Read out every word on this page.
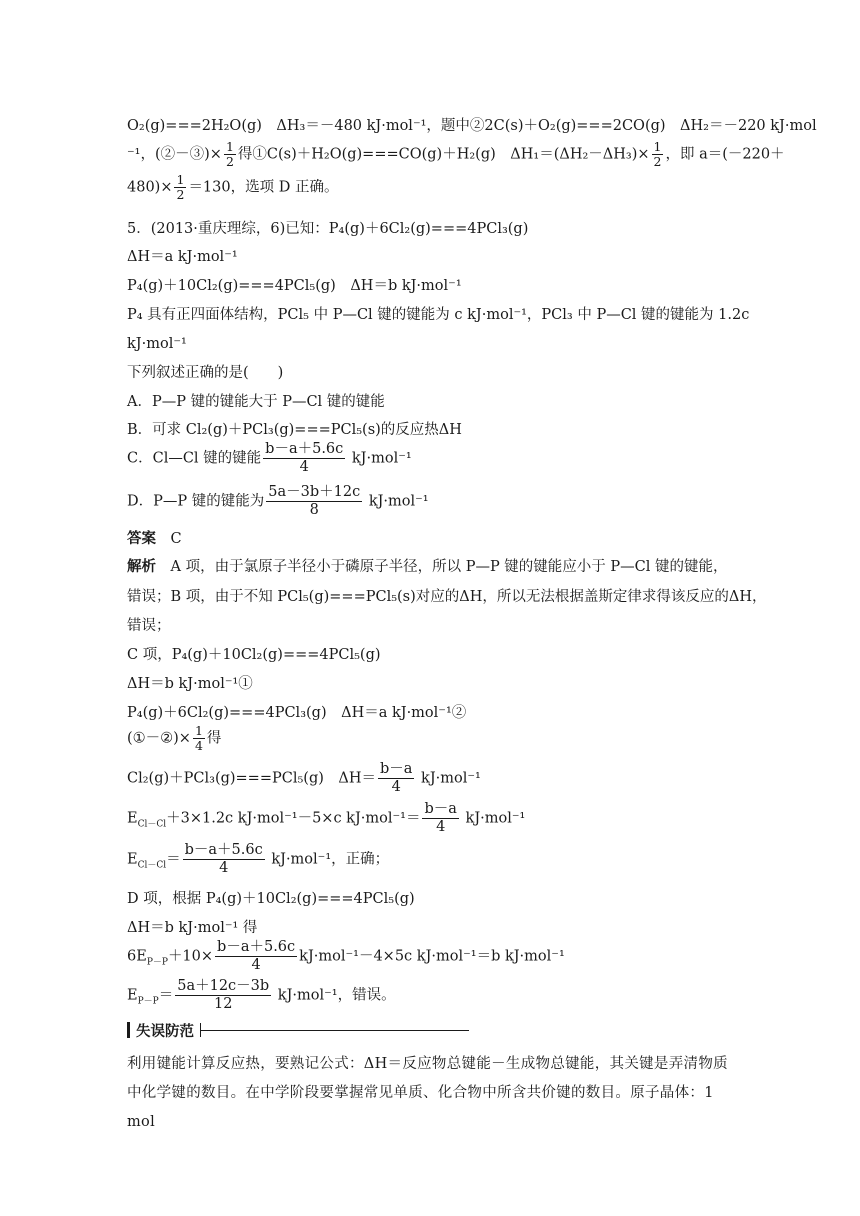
O₂(g)===2H₂O(g)　ΔH₃＝－480 kJ·mol⁻¹，题中②2C(s)＋O₂(g)===2CO(g)　ΔH₂＝－220 kJ·mol
⁻¹，(②－③)× $\frac{1}{2}$ 得①C(s)＋H₂O(g)===CO(g)＋H₂(g)　$\Delta H_1=(\Delta H_2-\Delta H_3)\times \frac{1}{2}$ ，即 a＝(－220＋
$480)\times \frac{1}{2} =130$，选项 D 正确。
5．(2013·重庆理综，6)已知：P₄(g)＋6Cl₂(g)===4PCl₃(g)
ΔH＝a kJ·mol⁻¹
P₄(g)＋10Cl₂(g)===4PCl₅(g)　ΔH＝b kJ·mol⁻¹
P₄ 具有正四面体结构，PCl₅ 中 P—Cl 键的键能为 c kJ·mol⁻¹，PCl₃ 中 P—Cl 键的键能为 1.2c
kJ·mol⁻¹
下列叙述正确的是(　　)
A．P—P 键的键能大于 P—Cl 键的键能
B．可求 Cl₂(g)＋PCl₃(g)===PCl₅(s)的反应热ΔH
C．Cl—Cl 键的键能 $\frac{b-a+5.6c}{4} kJ\cdot mol^{-1}$
D．P—P 键的键能为 $\frac{5a-3b+12c}{8} kJ\cdot mol^{-1}$
答案　 C
解析　 A 项，由于氯原子半径小于磷原子半径，所以 P—P 键的键能应小于 P—Cl 键的键能，
错误；B 项，由于不知 PCl₅(g)===PCl₅(s)对应的ΔH，所以无法根据盖斯定律求得该反应的ΔH，
错误；
C 项，P₄(g)＋10Cl₂(g)===4PCl₅(g)
ΔH＝b kJ·mol⁻¹①
P₄(g)＋6Cl₂(g)===4PCl₃(g)　ΔH＝a kJ·mol⁻¹②
(①－②)× $\frac{1}{4}$ 得
Cl₂(g)＋PCl₃(g)===PCl₅(g)　$\Delta H= \frac{b-a}{4} kJ\cdot mol^{-1}$
$E_{Cl-Cl}+3\times 1.2c$ kJ·mol⁻¹－5×c $kJ\cdot mol^{-1}= \frac{b-a}{4} kJ\cdot mol^{-1}$
$E_{Cl-Cl}= \frac{b-a+5.6c}{4} kJ\cdot mol^{-1}$，正确；
D 项，根据 P₄(g)＋10Cl₂(g)===4PCl₅(g)
ΔH＝b kJ·mol⁻¹ 得
$6E_{P-P}+10\times \frac{b-a+5.6c}{4} kJ\cdot mol^{-1}-4\times 5c$ kJ·mol⁻¹＝b kJ·mol⁻¹
$E_{P-P}= \frac{5a+12c-3b}{12} kJ\cdot mol^{-1}$，错误。
失误防范
利用键能计算反应热，要熟记公式：ΔH＝反应物总键能－生成物总键能，其关键是弄清物质中化学键的数目。在中学阶段要掌握常见单质、化合物中所含共价键的数目。原子晶体：1 mol
